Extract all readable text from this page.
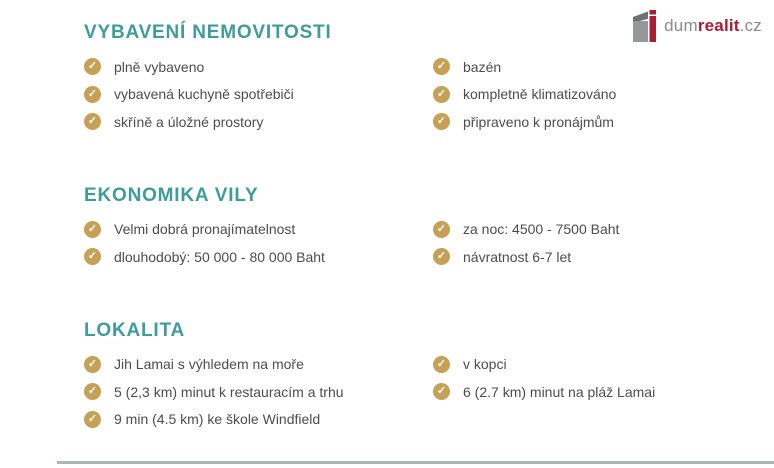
dumrealit.cz
VYBAVENÍ NEMOVITOSTI
✓ plně vybaveno
✓ vybavená kuchyně spotřebiči
✓ skříně a úložné prostory
✓ bazén
✓ kompletně klimatizováno
✓ připraveno k pronájmům
EKONOMIKA VILY
✓ Velmi dobrá pronajímatelnost
✓ dlouhodobý: 50 000 - 80 000 Baht
✓ za noc: 4500 - 7500 Baht
✓ návratnost 6-7 let
LOKALITA
✓ Jih Lamai s výhledem na moře
✓ 5 (2,3 km) minut k restauracím a trhu
✓ 9 min (4.5 km) ke škole Windfield
✓ v kopci
✓ 6 (2.7 km) minut na pláž Lamai
